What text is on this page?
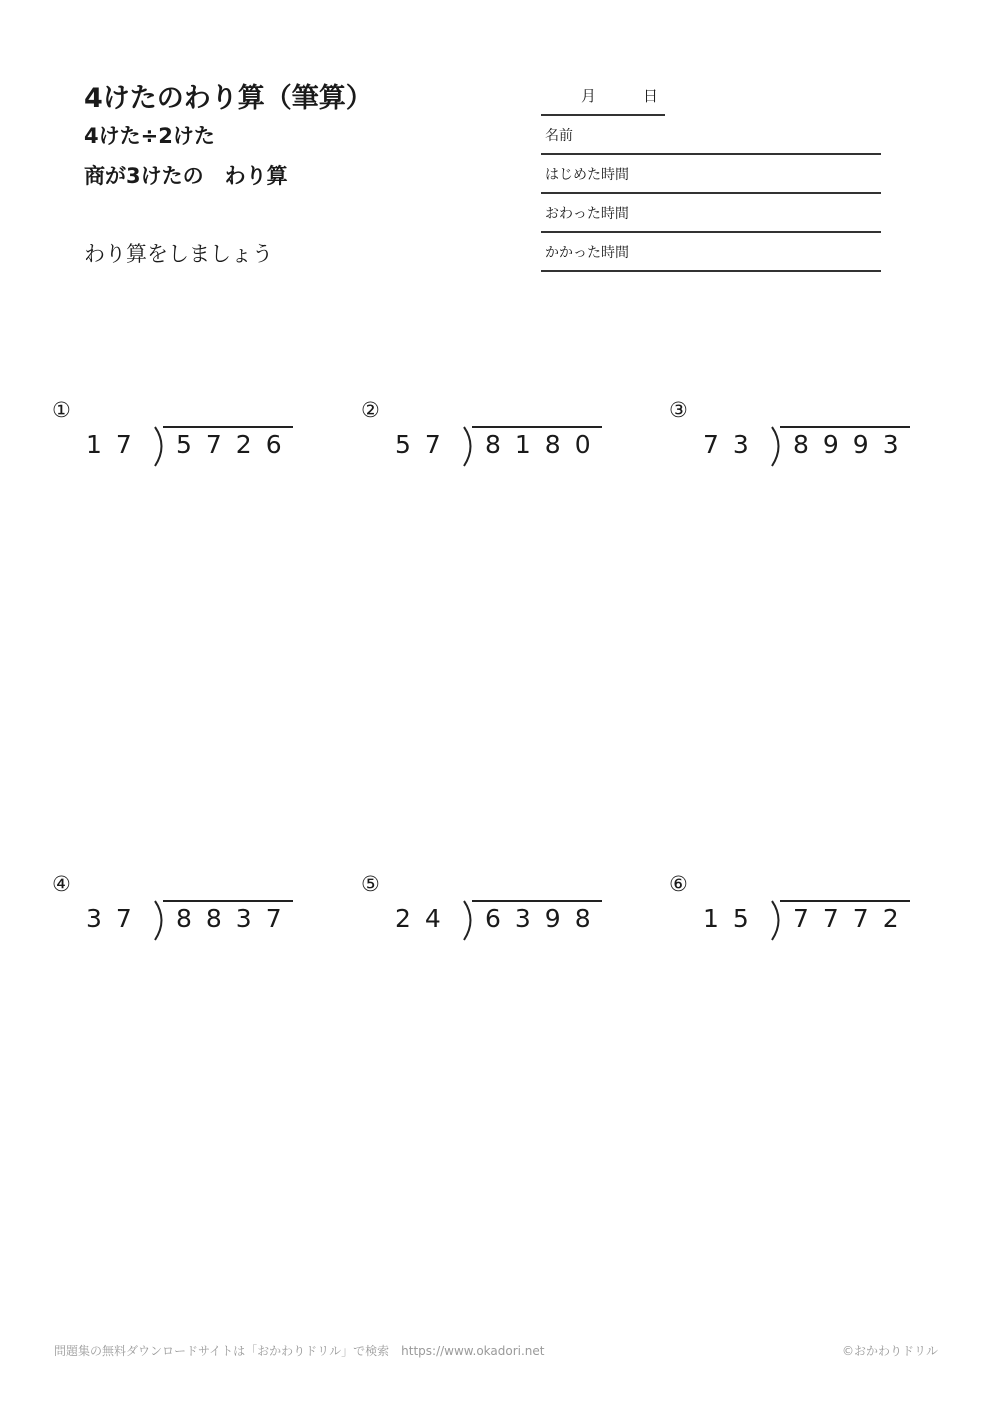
4けたのわり算（筆算）
4けた÷2けた
商が3けたの　わり算
わり算をしましょう
月	日
名前
はじめた時間
おわった時間
かかった時間
①
17 5726
②
57 8180
③
73 8993
④
37 8837
⑤
24 6398
⑥
15 7772
問題集の無料ダウンロードサイトは「おかわりドリル」で検索　https://www.okadori.net	©おかわりドリル
